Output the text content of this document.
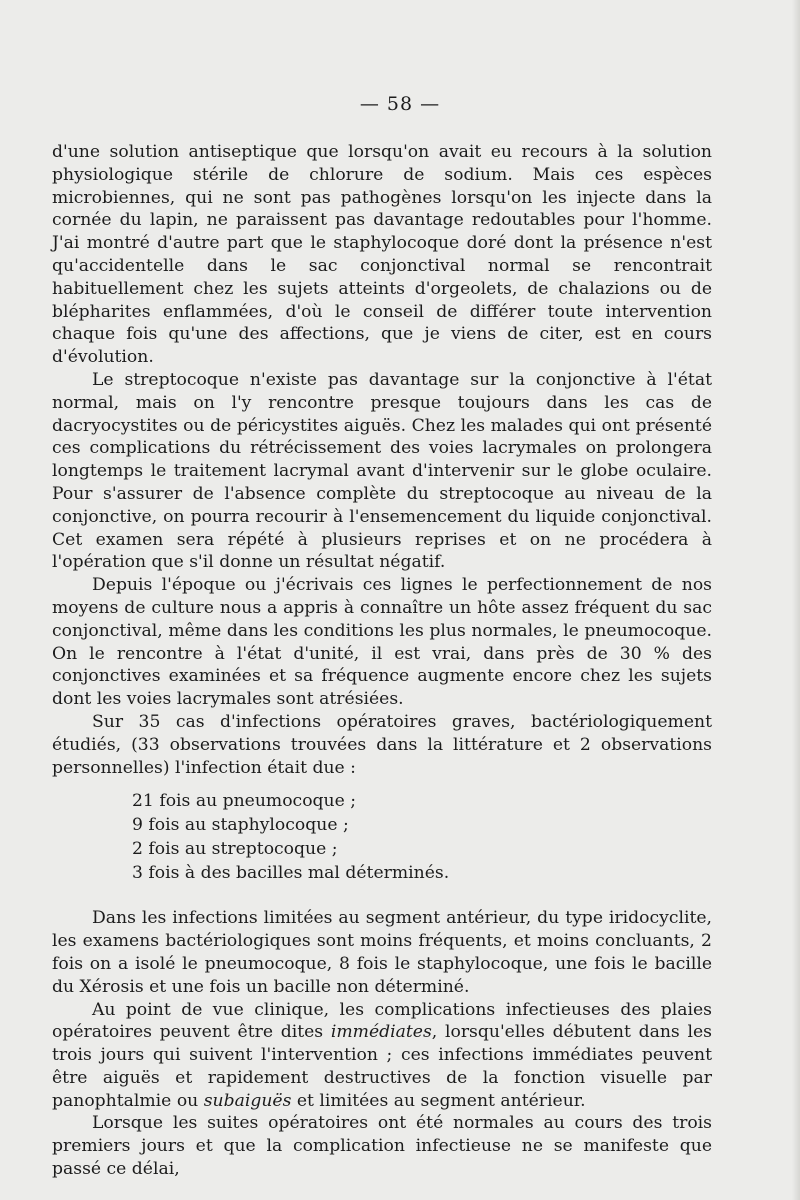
— 58 —

d'une solution antiseptique que lorsqu'on avait eu recours à la solution physiologique stérile de chlorure de sodium. Mais ces espèces microbiennes, qui ne sont pas pathogènes lorsqu'on les injecte dans la cornée du lapin, ne paraissent pas davantage redoutables pour l'homme. J'ai montré d'autre part que le staphylocoque doré dont la présence n'est qu'accidentelle dans le sac conjonctival normal se rencontrait habituellement chez les sujets atteints d'orgeolets, de chalazions ou de blépharites enflammées, d'où le conseil de différer toute intervention chaque fois qu'une des affections, que je viens de citer, est en cours d'évolution.

Le streptocoque n'existe pas davantage sur la conjonctive à l'état normal, mais on l'y rencontre presque toujours dans les cas de dacryocystites ou de péricystites aiguës. Chez les malades qui ont présenté ces complications du rétrécissement des voies lacrymales on prolongera longtemps le traitement lacrymal avant d'intervenir sur le globe oculaire. Pour s'assurer de l'absence complète du streptocoque au niveau de la conjonctive, on pourra recourir à l'ensemencement du liquide conjonctival. Cet examen sera répété à plusieurs reprises et on ne procédera à l'opération que s'il donne un résultat négatif.

Depuis l'époque ou j'écrivais ces lignes le perfectionnement de nos moyens de culture nous a appris à connaître un hôte assez fréquent du sac conjonctival, même dans les conditions les plus normales, le pneumocoque. On le rencontre à l'état d'unité, il est vrai, dans près de 30 % des conjonctives examinées et sa fréquence augmente encore chez les sujets dont les voies lacrymales sont atrésiées.

Sur 35 cas d'infections opératoires graves, bactériologiquement étudiés, (33 observations trouvées dans la littérature et 2 observations personnelles) l'infection était due :

21 fois au pneumocoque ;
9 fois au staphylocoque ;
2 fois au streptocoque ;
3 fois à des bacilles mal déterminés.

Dans les infections limitées au segment antérieur, du type iridocyclite, les examens bactériologiques sont moins fréquents, et moins concluants, 2 fois on a isolé le pneumocoque, 8 fois le staphylocoque, une fois le bacille du Xérosis et une fois un bacille non déterminé.

Au point de vue clinique, les complications infectieuses des plaies opératoires peuvent être dites immédiates, lorsqu'elles débutent dans les trois jours qui suivent l'intervention ; ces infections immédiates peuvent être aiguës et rapidement destructives de la fonction visuelle par panophtalmie ou subaiguës et limitées au segment antérieur.

Lorsque les suites opératoires ont été normales au cours des trois premiers jours et que la complication infectieuse ne se manifeste que passé ce délai,
